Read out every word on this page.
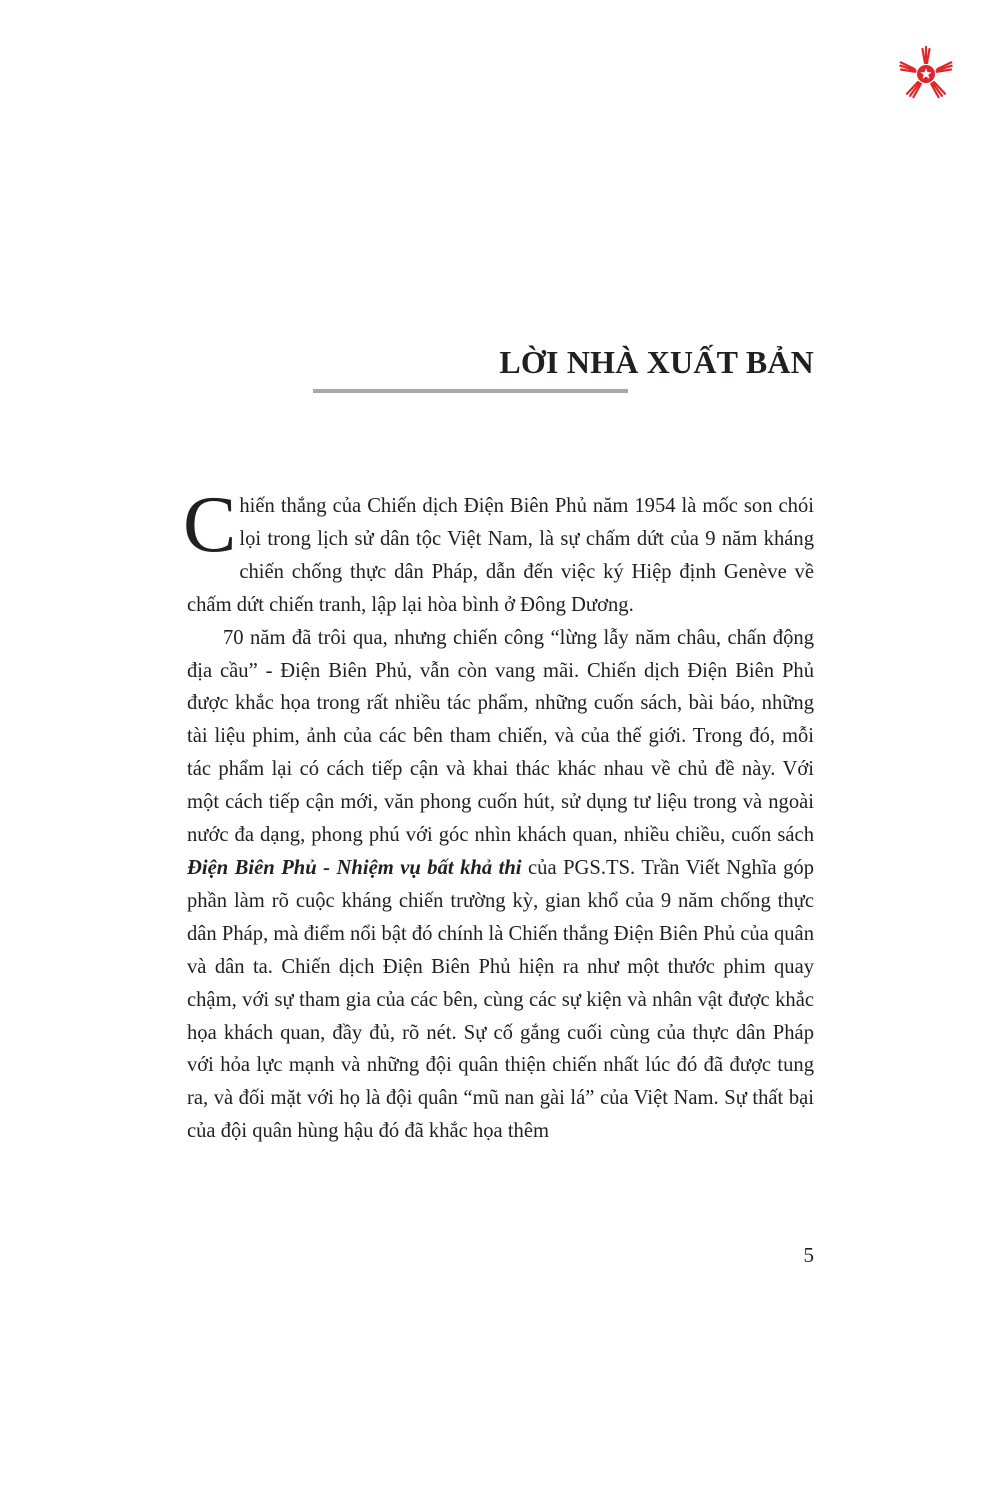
LỜI NHÀ XUẤT BẢN

Chiến thắng của Chiến dịch Điện Biên Phủ năm 1954 là mốc son chói lọi trong lịch sử dân tộc Việt Nam, là sự chấm dứt của 9 năm kháng chiến chống thực dân Pháp, dẫn đến việc ký Hiệp định Genève về chấm dứt chiến tranh, lập lại hòa bình ở Đông Dương.

70 năm đã trôi qua, nhưng chiến công “lừng lẫy năm châu, chấn động địa cầu” - Điện Biên Phủ, vẫn còn vang mãi. Chiến dịch Điện Biên Phủ được khắc họa trong rất nhiều tác phẩm, những cuốn sách, bài báo, những tài liệu phim, ảnh của các bên tham chiến, và của thế giới. Trong đó, mỗi tác phẩm lại có cách tiếp cận và khai thác khác nhau về chủ đề này. Với một cách tiếp cận mới, văn phong cuốn hút, sử dụng tư liệu trong và ngoài nước đa dạng, phong phú với góc nhìn khách quan, nhiều chiều, cuốn sách Điện Biên Phủ - Nhiệm vụ bất khả thi của PGS.TS. Trần Viết Nghĩa góp phần làm rõ cuộc kháng chiến trường kỳ, gian khổ của 9 năm chống thực dân Pháp, mà điểm nổi bật đó chính là Chiến thắng Điện Biên Phủ của quân và dân ta. Chiến dịch Điện Biên Phủ hiện ra như một thước phim quay chậm, với sự tham gia của các bên, cùng các sự kiện và nhân vật được khắc họa khách quan, đầy đủ, rõ nét. Sự cố gắng cuối cùng của thực dân Pháp với hỏa lực mạnh và những đội quân thiện chiến nhất lúc đó đã được tung ra, và đối mặt với họ là đội quân “mũ nan gài lá” của Việt Nam. Sự thất bại của đội quân hùng hậu đó đã khắc họa thêm

5
